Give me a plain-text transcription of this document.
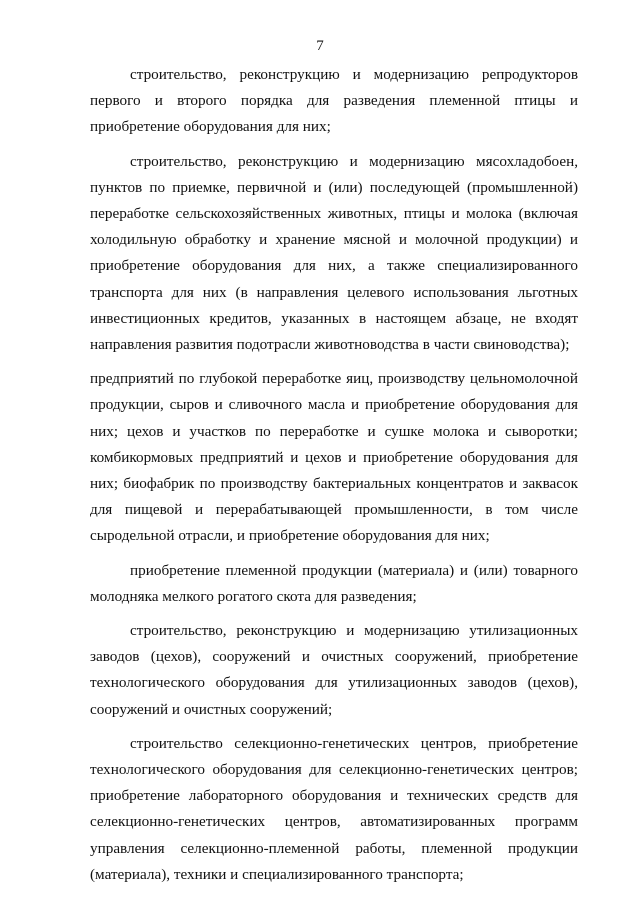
7

строительство, реконструкцию и модернизацию репродукторов первого и второго порядка для разведения племенной птицы и приобретение оборудования для них;

строительство, реконструкцию и модернизацию мясохладобоен, пунктов по приемке, первичной и (или) последующей (промышленной) переработке сельскохозяйственных животных, птицы и молока (включая холодильную обработку и хранение мясной и молочной продукции) и приобретение оборудования для них, а также специализированного транспорта для них (в направления целевого использования льготных инвестиционных кредитов, указанных в настоящем абзаце, не входят направления развития подотрасли животноводства в части свиноводства);

предприятий по глубокой переработке яиц, производству цельномолочной продукции, сыров и сливочного масла и приобретение оборудования для них; цехов и участков по переработке и сушке молока и сыворотки; комбикормовых предприятий и цехов и приобретение оборудования для них; биофабрик по производству бактериальных концентратов и заквасок для пищевой и перерабатывающей промышленности, в том числе сыродельной отрасли, и приобретение оборудования для них;

приобретение племенной продукции (материала) и (или) товарного молодняка мелкого рогатого скота для разведения;

строительство, реконструкцию и модернизацию утилизационных заводов (цехов), сооружений и очистных сооружений, приобретение технологического оборудования для утилизационных заводов (цехов), сооружений и очистных сооружений;

строительство селекционно-генетических центров, приобретение технологического оборудования для селекционно-генетических центров; приобретение лабораторного оборудования и технических средств для селекционно-генетических центров, автоматизированных программ управления селекционно-племенной работы, племенной продукции (материала), техники и специализированного транспорта;
